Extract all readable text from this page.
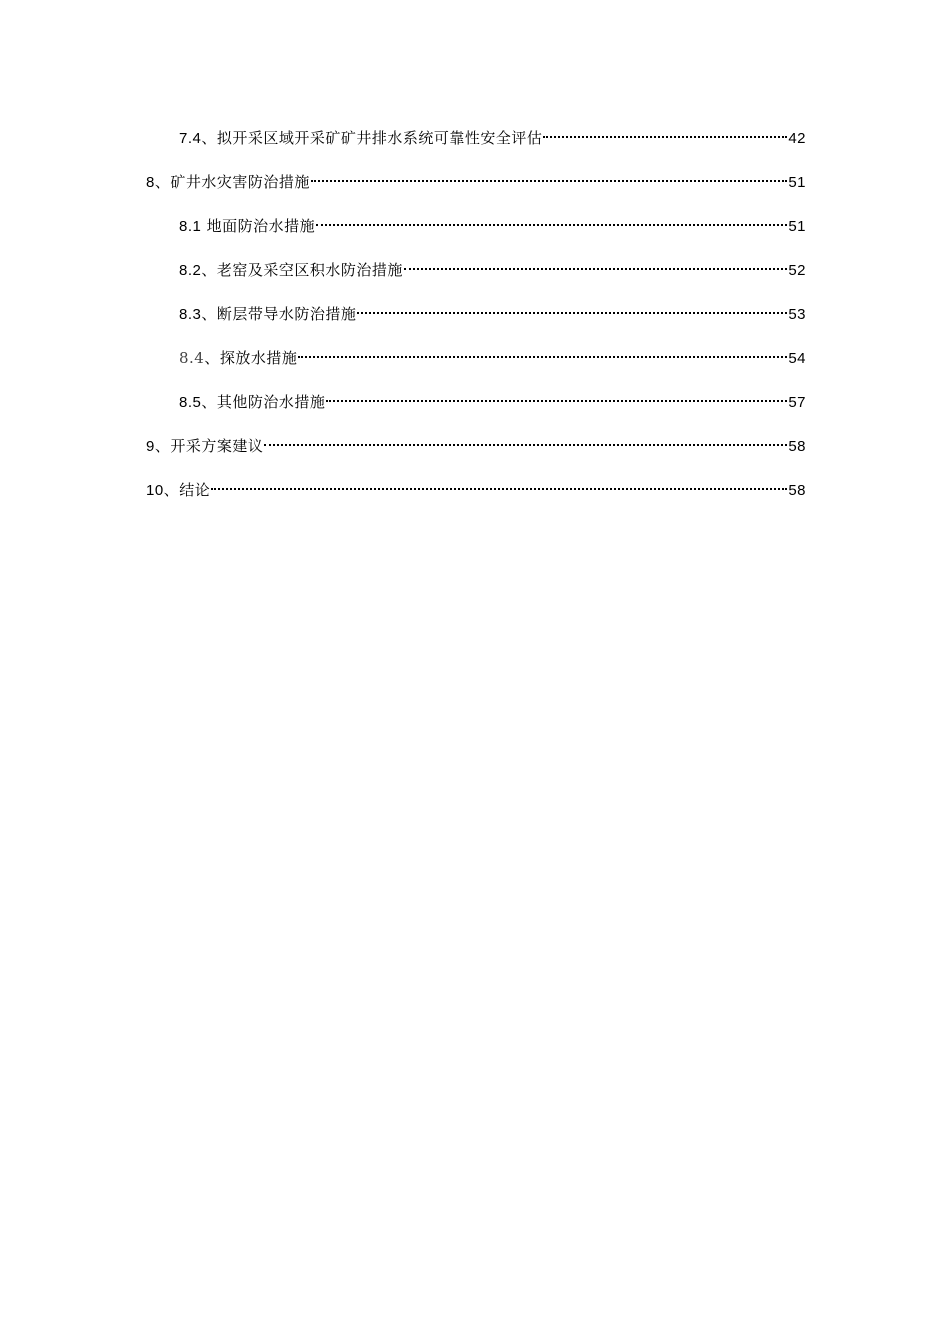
7.4、拟开采区域开采矿矿井排水系统可靠性安全评估	42
8、矿井水灾害防治措施	51
8.1 地面防治水措施	51
8.2、老窑及采空区积水防治措施	52
8.3、断层带导水防治措施	53
8.4、探放水措施	54
8.5、其他防治水措施	57
9、开采方案建议	58
10、结论	58
